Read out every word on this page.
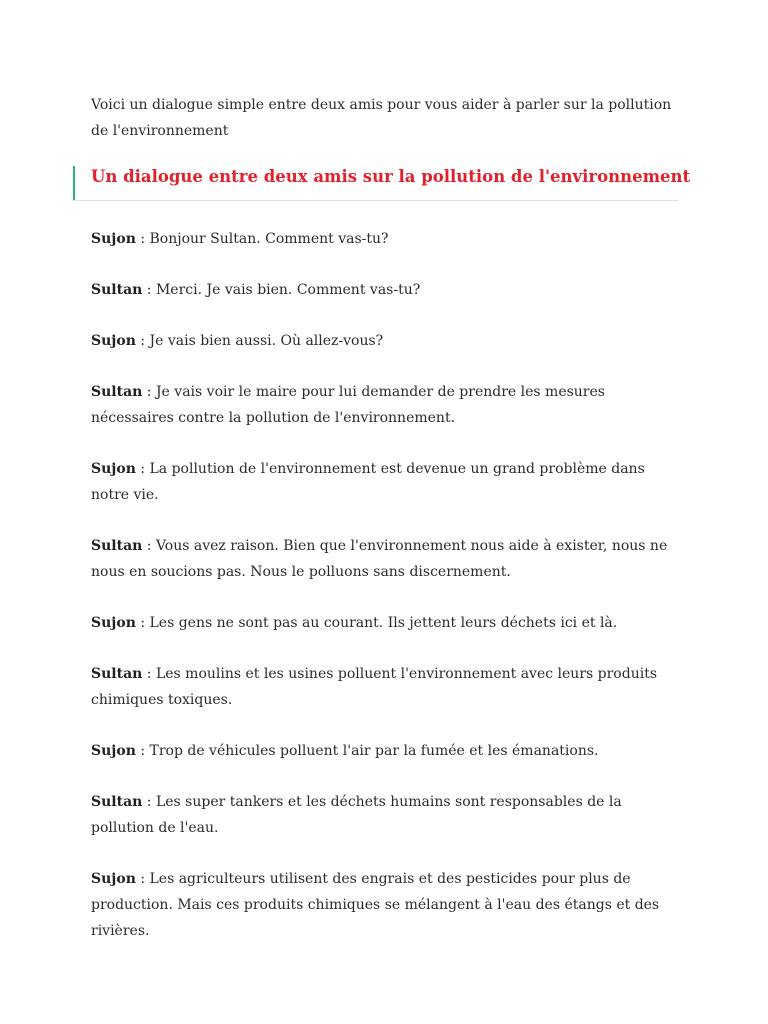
Voici un dialogue simple entre deux amis pour vous aider à parler sur la pollution de l'environnement

Un dialogue entre deux amis sur la pollution de l'environnement

Sujon : Bonjour Sultan. Comment vas-tu?

Sultan : Merci. Je vais bien. Comment vas-tu?

Sujon : Je vais bien aussi. Où allez-vous?

Sultan : Je vais voir le maire pour lui demander de prendre les mesures nécessaires contre la pollution de l'environnement.

Sujon : La pollution de l'environnement est devenue un grand problème dans notre vie.

Sultan : Vous avez raison. Bien que l'environnement nous aide à exister, nous ne nous en soucions pas. Nous le polluons sans discernement.

Sujon : Les gens ne sont pas au courant. Ils jettent leurs déchets ici et là.

Sultan : Les moulins et les usines polluent l'environnement avec leurs produits chimiques toxiques.

Sujon : Trop de véhicules polluent l'air par la fumée et les émanations.

Sultan : Les super tankers et les déchets humains sont responsables de la pollution de l'eau.

Sujon : Les agriculteurs utilisent des engrais et des pesticides pour plus de production. Mais ces produits chimiques se mélangent à l'eau des étangs et des rivières.
